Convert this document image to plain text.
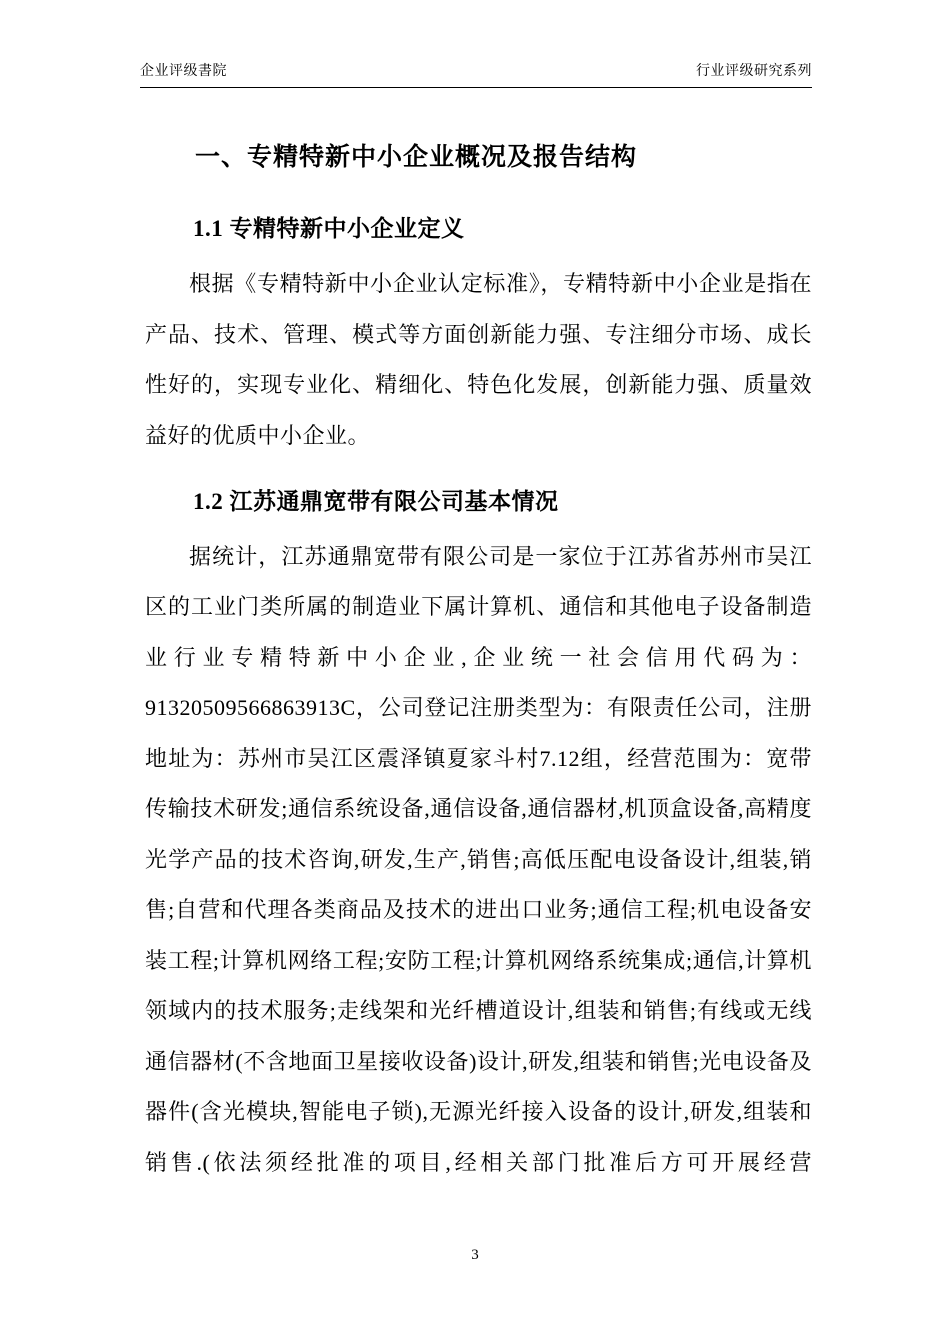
企业评级書院	行业评级研究系列
一、专精特新中小企业概况及报告结构
1.1 专精特新中小企业定义

根据《专精特新中小企业认定标准》，专精特新中小企业是指在产品、技术、管理、模式等方面创新能力强、专注细分市场、成长性好的，实现专业化、精细化、特色化发展，创新能力强、质量效益好的优质中小企业。

1.2 江苏通鼎宽带有限公司基本情况

据统计，江苏通鼎宽带有限公司是一家位于江苏省苏州市吴江区的工业门类所属的制造业下属计算机、通信和其他电子设备制造业行业专精特新中小企业,企业统一社会信用代码为：91320509566863913C，公司登记注册类型为：有限责任公司，注册地址为：苏州市吴江区震泽镇夏家斗村7.12组，经营范围为：宽带传输技术研发;通信系统设备,通信设备,通信器材,机顶盒设备,高精度光学产品的技术咨询,研发,生产,销售;高低压配电设备设计,组装,销售;自营和代理各类商品及技术的进出口业务;通信工程;机电设备安装工程;计算机网络工程;安防工程;计算机网络系统集成;通信,计算机领域内的技术服务;走线架和光纤槽道设计,组装和销售;有线或无线通信器材(不含地面卫星接收设备)设计,研发,组装和销售;光电设备及器件(含光模块,智能电子锁),无源光纤接入设备的设计,研发,组装和销售.(依法须经批准的项目,经相关部门批准后方可开展经营

3
